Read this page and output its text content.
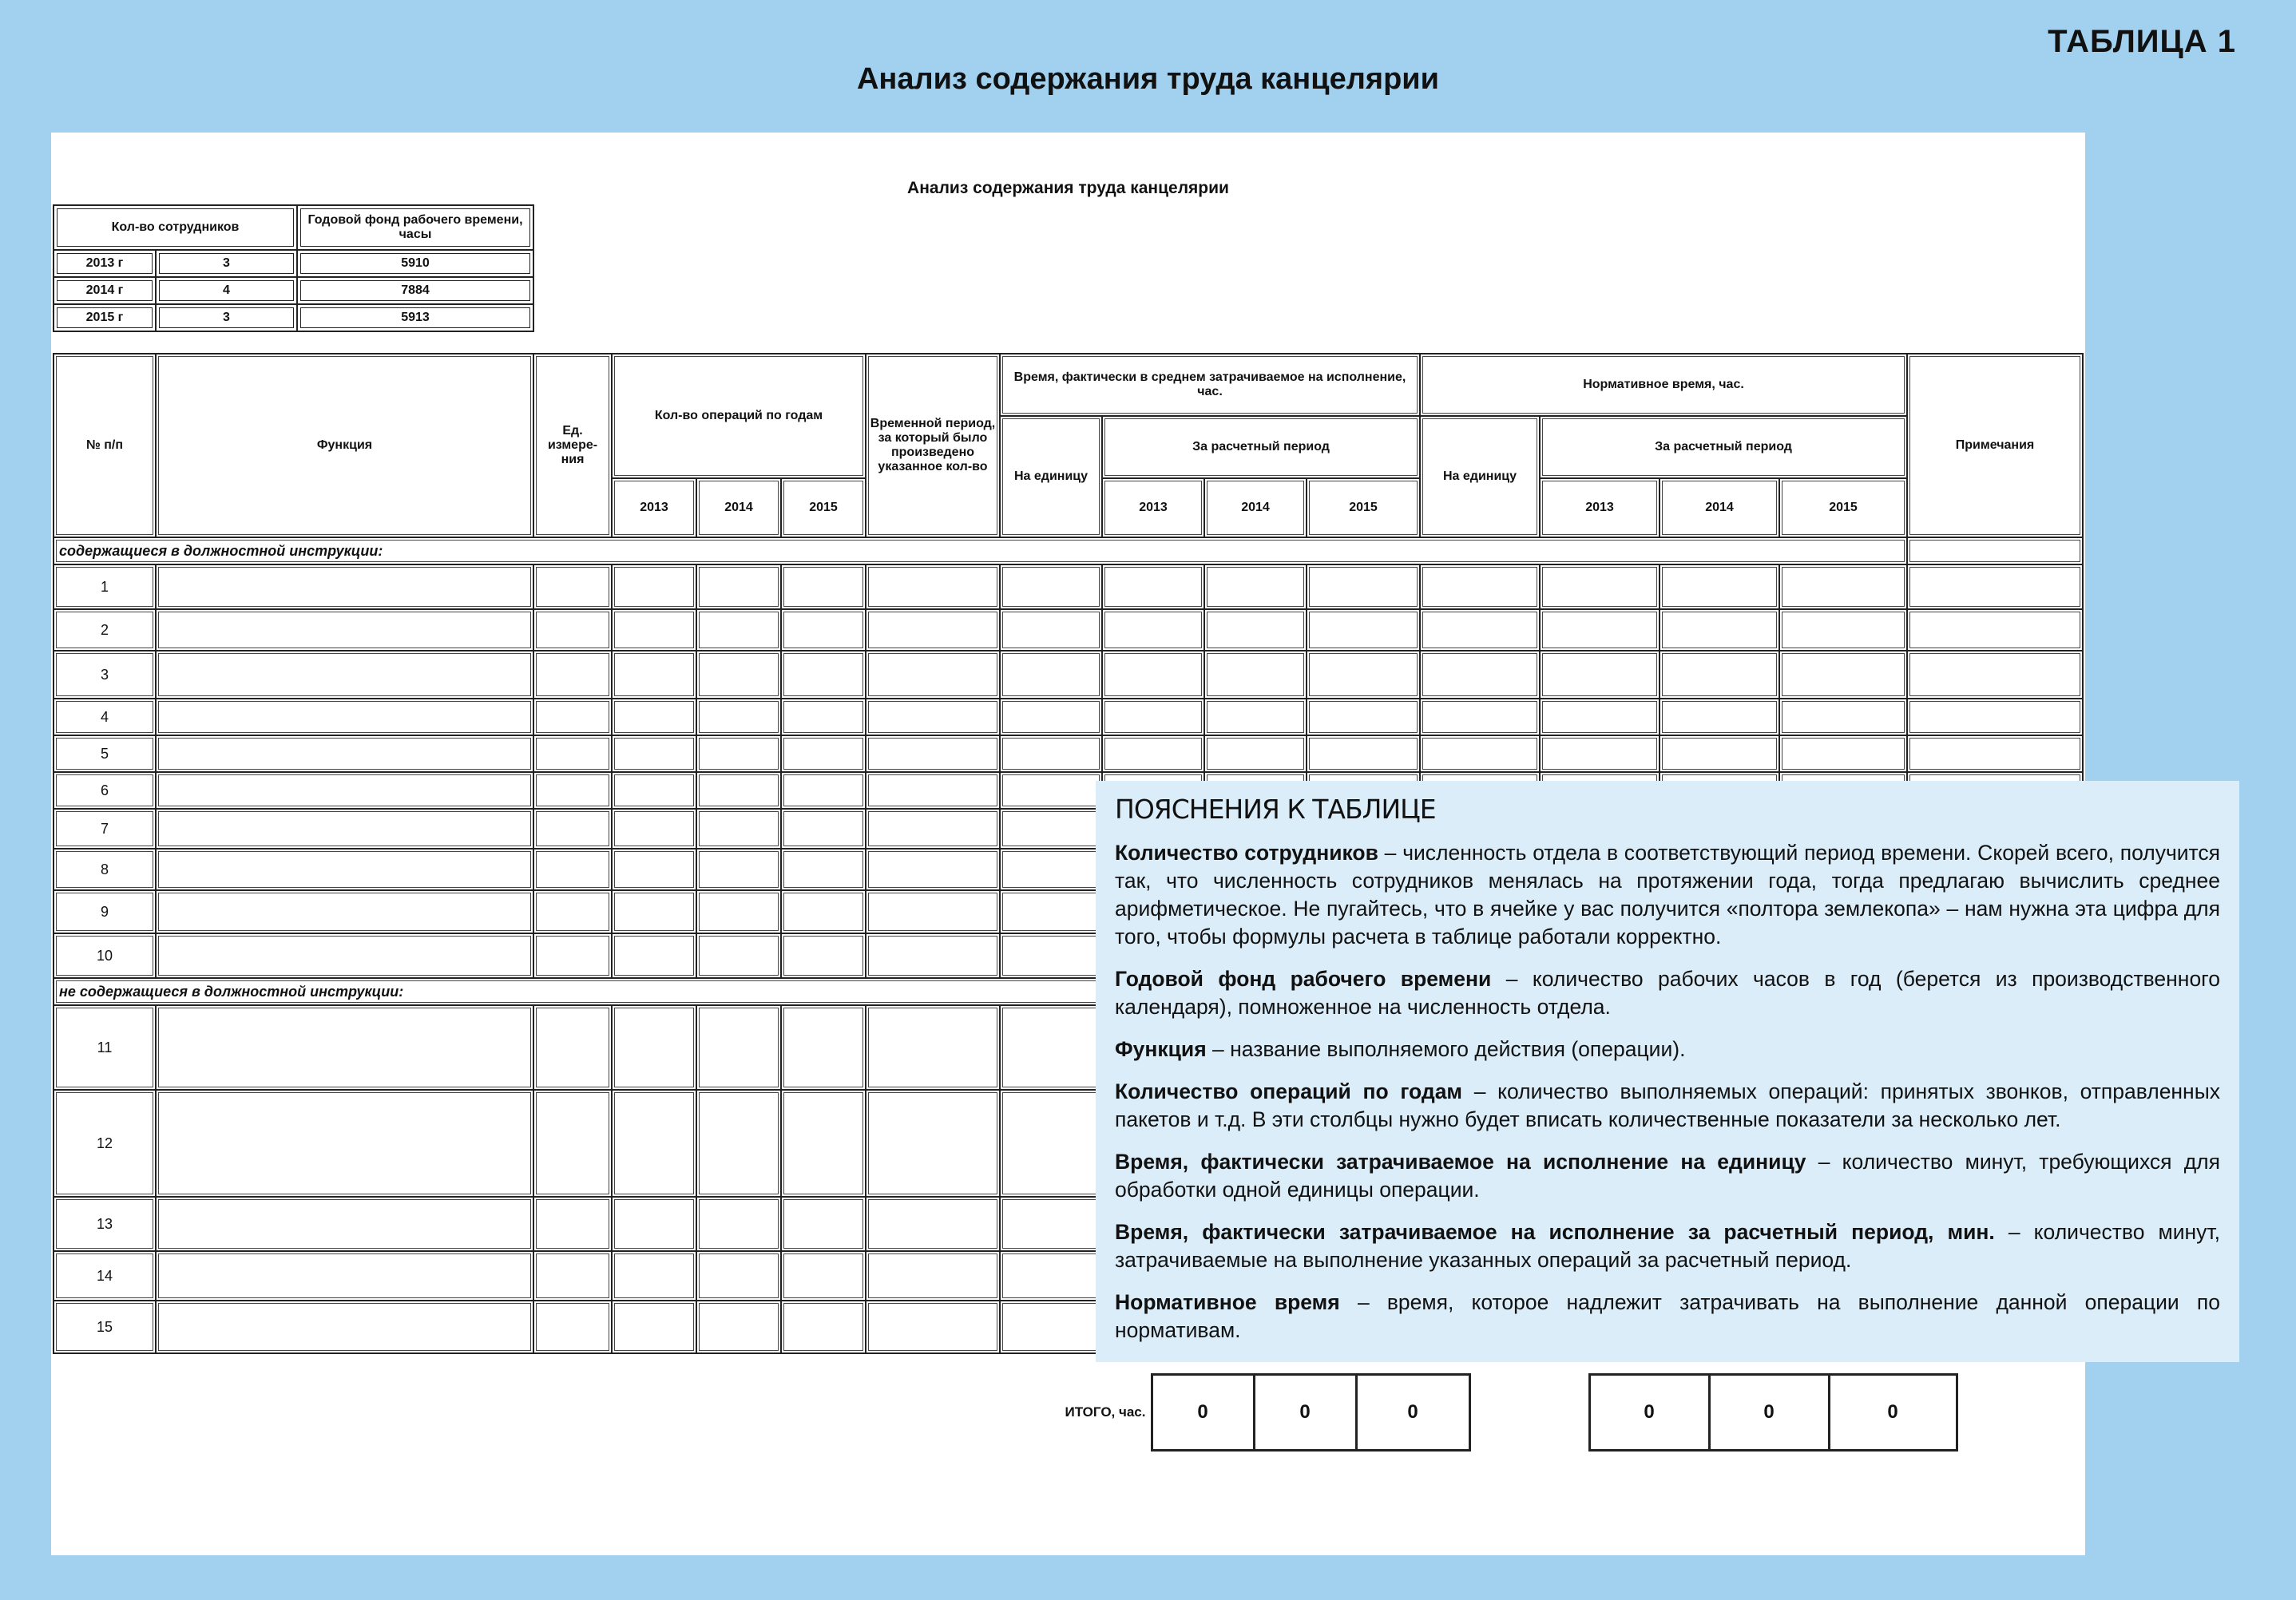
ТАБЛИЦА 1
Анализ содержания труда канцелярии
Анализ содержания труда канцелярии
Кол-во сотрудников		Годовой фонд рабочего времени, часы
2013 г	3	5910
2014 г	4	7884
2015 г	3	5913
№ п/п	Функция	Ед. измере-ния	Кол-во операций по годам			Временной период, за который было произведено указанное кол-во	Время, фактически в среднем затрачиваемое на исполнение, час.				Нормативное время, час.				Примечания
							На единицу	За расчетный период			На единицу	За расчетный период			
			2013	2014	2015			2013	2014	2015		2013	2014	2015	
содержащиеся в должностной инструкции:															
1															
2															
3															
4															
5															
6															
7															
8															
9															
10															
не содержащиеся в должностной инструкции:															
11															
12															
13															
14															
15															
ИТОГО, час.	0	0	0		0	0	0
ПОЯСНЕНИЯ К ТАБЛИЦЕ

Количество сотрудников – численность отдела в соответствующий период времени. Скорей всего, получится так, что численность сотрудников менялась на протяжении года, тогда предлагаю вычислить среднее арифметическое. Не пугайтесь, что в ячейке у вас получится «полтора землекопа» – нам нужна эта цифра для того, чтобы формулы расчета в таблице работали корректно.

Годовой фонд рабочего времени – количество рабочих часов в год (берется из производственного календаря), помноженное на численность отдела.

Функция – название выполняемого действия (операции).

Количество операций по годам – количество выполняемых операций: принятых звонков, отправленных пакетов и т.д. В эти столбцы нужно будет вписать количественные показатели за несколько лет.

Время, фактически затрачиваемое на исполнение на единицу – количество минут, требующихся для обработки одной единицы операции.

Время, фактически затрачиваемое на исполнение за расчетный период, мин. – количество минут, затрачиваемые на выполнение указанных операций за расчетный период.

Нормативное время – время, которое надлежит затрачивать на выполнение данной операции по нормативам.
